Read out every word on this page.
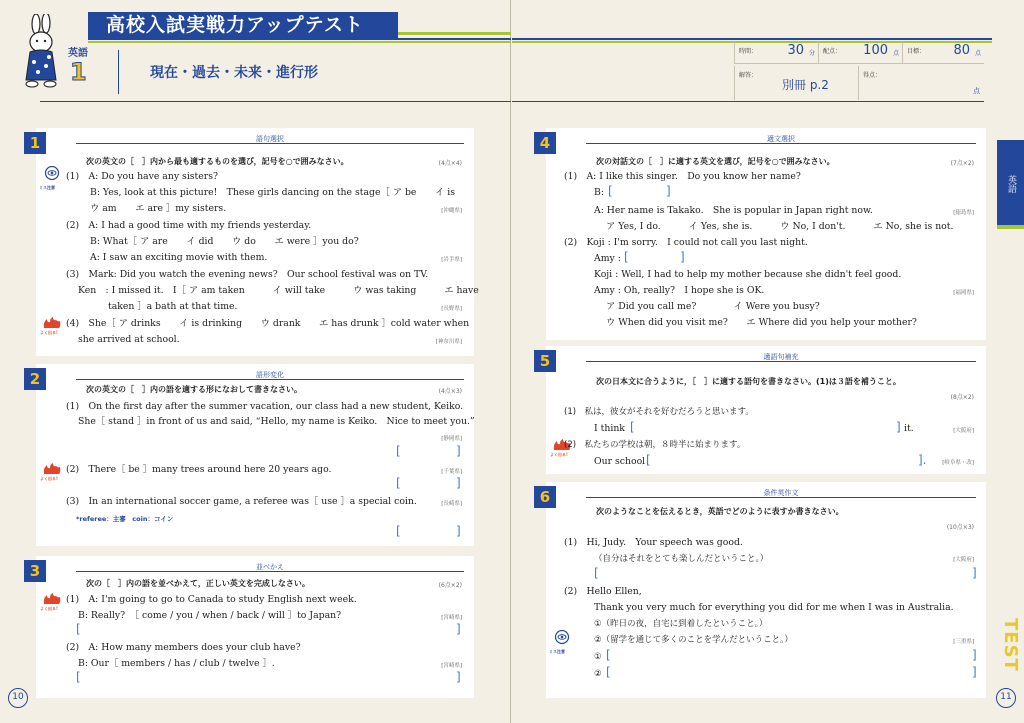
高校入試実戦力アップテスト
英語
1	現在・過去・未来・進行形
1	語句選択
次の英文の［　］内から最も適するものを選び，記号を○で囲みなさい。	(4点×4)
ミス注意
(1)　A: Do you have any sisters?
B: Yes, look at this picture!　These girls dancing on the stage［ ア be　　イ is
ウ am　　エ are ］my sisters.	[沖縄県]
(2)　A: I had a good time with my friends yesterday.
B: What［ ア are　　イ did　　ウ do　　エ were ］you do?
A: I saw an exciting movie with them.	[岩手県]
(3)　Mark: Did you watch the evening news?　Our school festival was on TV.
Ken　: I missed it.　I［ ア am taken　　　イ will take　　　ウ was taking　　　エ have
taken ］a bath at that time.	[長野県]
よく出る!
(4)　She［ ア drinks　　イ is drinking　　ウ drank　　エ has drunk ］cold water when
she arrived at school.	[神奈川県]
2	語形変化
次の英文の［　］内の語を適する形になおして書きなさい。	(4点×3)
(1)　On the first day after the summer vacation, our class had a new student, Keiko.
She［ stand ］in front of us and said, “Hello, my name is Keiko.　Nice to meet you.”
[静岡県]
[	]
よく出る!
(2)　There［ be ］many trees around here 20 years ago.	[千葉県]
[	]
(3)　In an international soccer game, a referee was［ use ］a special coin.	[長崎県]
*referee：主審　coin：コイン
[	]
3	並べかえ
次の［　］内の語を並べかえて，正しい英文を完成しなさい。	(6点×2)
よく出る!
(1)　A: I'm going to go to Canada to study English next week.
B: Really?　［ come / you / when / back / will ］to Japan?	[宮崎県]
[	]
(2)　A: How many members does your club have?
B: Our［ members / has / club / twelve ］.	[宮崎県]
[	]
10
時間： 30 分 配点： 100 点 目標： 80 点
解答：
別冊 p.2
得点：
点
4	適文選択
次の対話文の［　］に適する英文を選び，記号を○で囲みなさい。	(7点×2)
(1)　A: I like this singer.　Do you know her name?
B: [	]
A: Her name is Takako.　She is popular in Japan right now.	[徳島県]
ア Yes, I do.　　　イ Yes, she is.　　　ウ No, I don't.　　　エ No, she is not.
(2)　Koji : I'm sorry.　I could not call you last night.
Amy : [	]
Koji : Well, I had to help my mother because she didn't feel good.
Amy : Oh, really?　I hope she is OK.	[福岡県]
ア Did you call me?　　　　イ Were you busy?
ウ When did you visit me?　　エ Where did you help your mother?
5	適語句補充
次の日本文に合うように，［　］に適する語句を書きなさい。(1)は３語を補うこと。
(8点×2)
(1)　私は，彼女がそれを好むだろうと思います。
I think [	] it.	[大阪府]
よく出る!
(2)　私たちの学校は朝，８時半に始まります。
Our school [	].	[岐阜県・改]
6	条件英作文
次のようなことを伝えるとき，英語でどのように表すか書きなさい。
(10点×3)
(1)　Hi, Judy.　Your speech was good.
（自分はそれをとても楽しんだということ。）	[大阪府]
[	]
(2)　Hello Ellen,
Thank you very much for everything you did for me when I was in Australia.
①（昨日の夜，自宅に到着したということ。）
ミス注意
②（留学を通じて多くのことを学んだということ。）	[三重県]
① [	]
② [	]
11
英語
TEST
